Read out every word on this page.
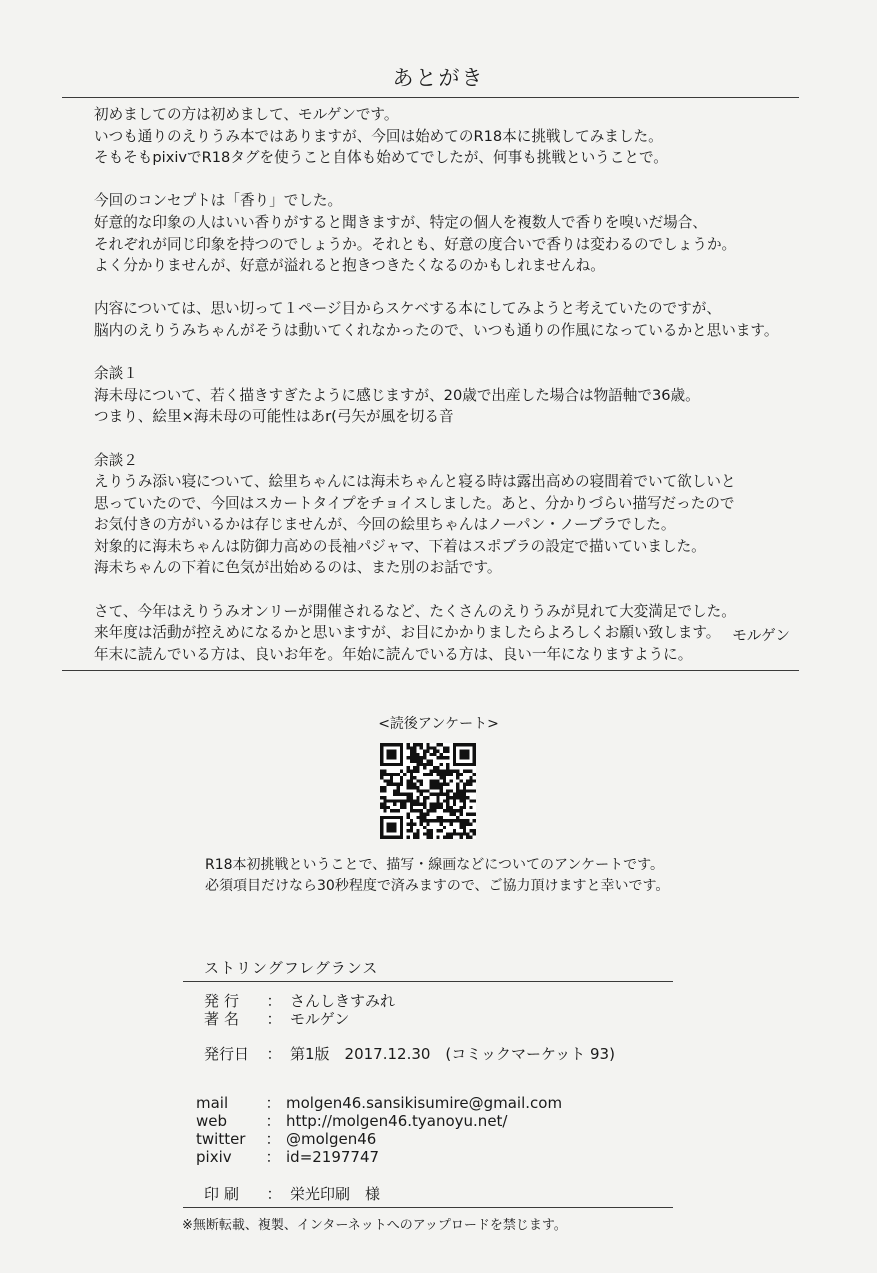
あとがき
初めましての方は初めまして、モルゲンです。
いつも通りのえりうみ本ではありますが、今回は始めてのR18本に挑戦してみました。
そもそもpixivでR18タグを使うこと自体も始めてでしたが、何事も挑戦ということで。
今回のコンセプトは「香り」でした。
好意的な印象の人はいい香りがすると聞きますが、特定の個人を複数人で香りを嗅いだ場合、
それぞれが同じ印象を持つのでしょうか。それとも、好意の度合いで香りは変わるのでしょうか。
よく分かりませんが、好意が溢れると抱きつきたくなるのかもしれませんね。
内容については、思い切って１ページ目からスケベする本にしてみようと考えていたのですが、
脳内のえりうみちゃんがそうは動いてくれなかったので、いつも通りの作風になっているかと思います。
余談１
海未母について、若く描きすぎたように感じますが、20歳で出産した場合は物語軸で36歳。
つまり、絵里×海未母の可能性はあr(弓矢が風を切る音
余談２
えりうみ添い寝について、絵里ちゃんには海未ちゃんと寝る時は露出高めの寝間着でいて欲しいと
思っていたので、今回はスカートタイプをチョイスしました。あと、分かりづらい描写だったので
お気付きの方がいるかは存じませんが、今回の絵里ちゃんはノーパン・ノーブラでした。
対象的に海未ちゃんは防御力高めの長袖パジャマ、下着はスポブラの設定で描いていました。
海未ちゃんの下着に色気が出始めるのは、また別のお話です。
さて、今年はえりうみオンリーが開催されるなど、たくさんのえりうみが見れて大変満足でした。
来年度は活動が控えめになるかと思いますが、お目にかかりましたらよろしくお願い致します。
年末に読んでいる方は、良いお年を。年始に読んでいる方は、良い一年になりますように。
モルゲン
<読後アンケート>
R18本初挑戦ということで、描写・線画などについてのアンケートです。
必須項目だけなら30秒程度で済みますので、ご協力頂けますと幸いです。
ストリングフレグランス
発行 ： さんしきすみれ
著名 ： モルゲン
発行日 ： 第1版　2017.12.30　(コミックマーケット 93)
mail ： molgen46.sansikisumire@gmail.com
web	： http://molgen46.tyanoyu.net/
twitter ： @molgen46
pixiv ： id=2197747
印刷 ： 栄光印刷　様
※無断転載、複製、インターネットへのアップロードを禁じます。
